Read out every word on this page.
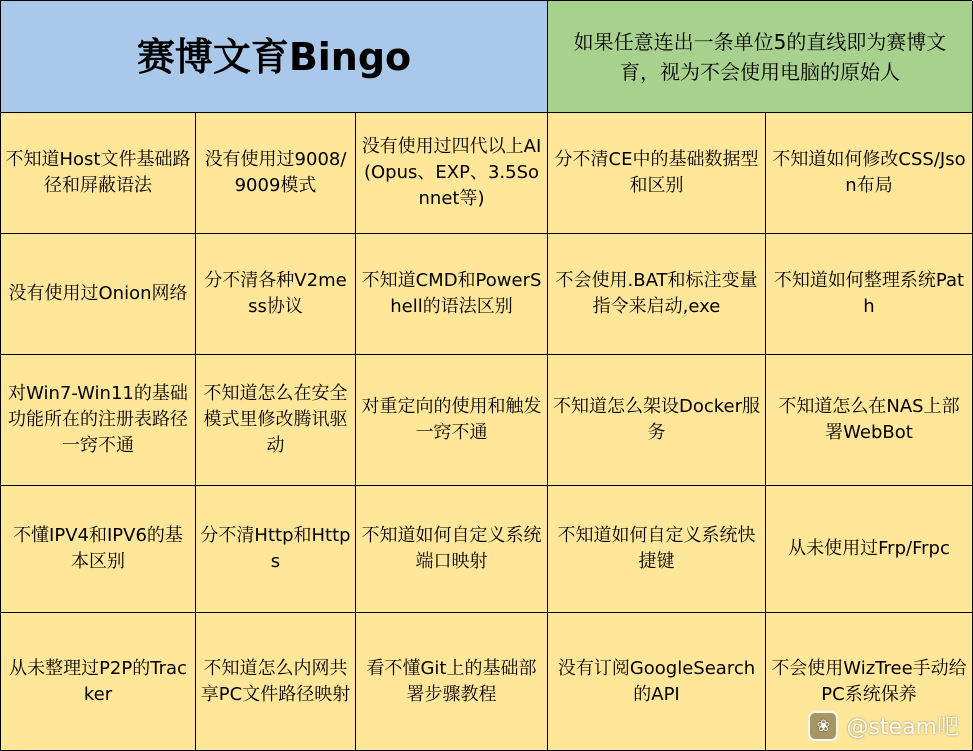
赛博文育Bingo	如果任意连出一条单位5的直线即为赛博文育，视为不会使用电脑的原始人
不知道Host文件基础路径和屏蔽语法
没有使用过9008/9009模式
没有使用过四代以上AI(Opus、EXP、3.5Sonnet等)
分不清CE中的基础数据型和区别
不知道如何修改CSS/Json布局
没有使用过Onion网络
分不清各种V2mess协议
不知道CMD和PowerShell的语法区别
不会使用.BAT和标注变量指令来启动,exe
不知道如何整理系统Path
对Win7-Win11的基础功能所在的注册表路径一窍不通
不知道怎么在安全模式里修改腾讯驱动
对重定向的使用和触发一窍不通
不知道怎么架设Docker服务
不知道怎么在NAS上部署WebBot
不懂IPV4和IPV6的基本区别
分不清Http和Https
不知道如何自定义系统端口映射
不知道如何自定义系统快捷键
从未使用过Frp/Frpc
从未整理过P2P的Tracker
不知道怎么内网共享PC文件路径映射
看不懂Git上的基础部署步骤教程
没有订阅GoogleSearch的API
不会使用WizTree手动给PC系统保养
❀ @steam吧
